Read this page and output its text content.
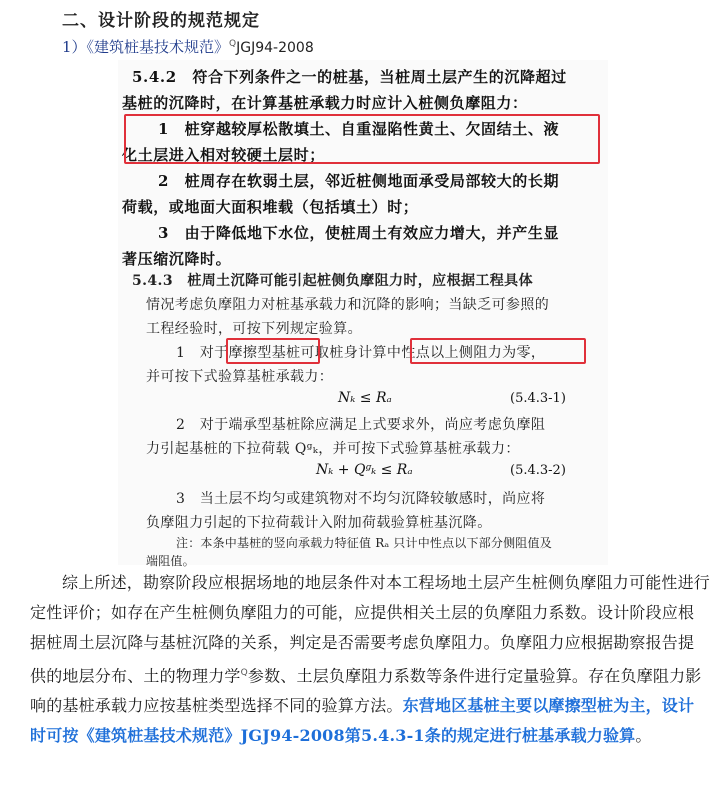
二、设计阶段的规范规定
1）《建筑桩基技术规范》$^Q$JGJ94-2008
5.4.2　符合下列条件之一的桩基，当桩周土层产生的沉降超过
基桩的沉降时，在计算基桩承载力时应计入桩侧负摩阻力：
1　桩穿越较厚松散填土、自重湿陷性黄土、欠固结土、液
化土层进入相对较硬土层时；
2　桩周存在软弱土层，邻近桩侧地面承受局部较大的长期
荷载，或地面大面积堆载（包括填土）时；
3　由于降低地下水位，使桩周土有效应力增大，并产生显
著压缩沉降时。
5.4.3　桩周土沉降可能引起桩侧负摩阻力时，应根据工程具体
情况考虑负摩阻力对桩基承载力和沉降的影响；当缺乏可参照的
工程经验时，可按下列规定验算。
1　对于摩擦型基桩可取桩身计算中性点以上侧阻力为零，
并可按下式验算基桩承载力：
Nₖ ≤ Rₐ	(5.4.3-1)
2　对于端承型基桩除应满足上式要求外，尚应考虑负摩阻
力引起基桩的下拉荷载 Qᵍₖ，并可按下式验算基桩承载力：
Nₖ + Qᵍₖ ≤ Rₐ	(5.4.3-2)
3　当土层不均匀或建筑物对不均匀沉降较敏感时，尚应将
负摩阻力引起的下拉荷载计入附加荷载验算桩基沉降。
注：本条中基桩的竖向承载力特征值 Rₐ 只计中性点以下部分侧阻值及
端阻值。

综上所述，勘察阶段应根据场地的地层条件对本工程场地土层产生桩侧负摩阻力可能性进行定性评价；如存在产生桩侧负摩阻力的可能，应提供相关土层的负摩阻力系数。设计阶段应根据桩周土层沉降与基桩沉降的关系，判定是否需要考虑负摩阻力。负摩阻力应根据勘察报告提供的地层分布、土的物理力学$^Q$参数、土层负摩阻力系数等条件进行定量验算。存在负摩阻力影响的基桩承载力应按基桩类型选择不同的验算方法。东营地区基桩主要以摩擦型桩为主，设计时可按《建筑桩基技术规范》JGJ94-2008第5.4.3-1条的规定进行桩基承载力验算。
